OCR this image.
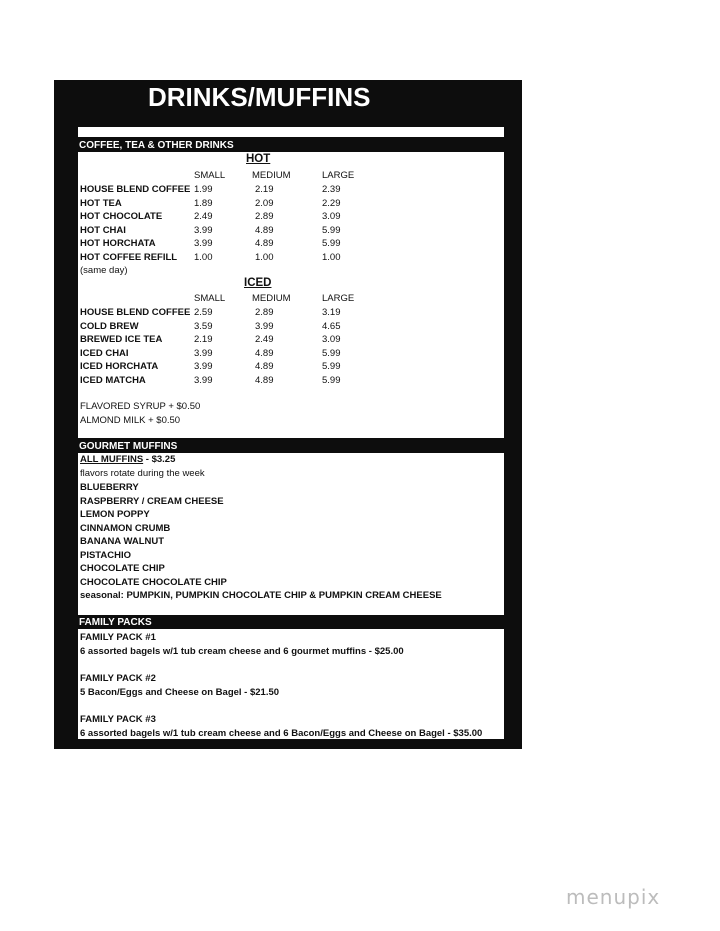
DRINKS/MUFFINS
COFFEE, TEA & OTHER DRINKS
HOT
SMALL	MEDIUM	LARGE
HOUSE BLEND COFFEE 1.99	2.19	2.39
HOT TEA	1.89	2.09	2.29
HOT CHOCOLATE	2.49	2.89	3.09
HOT CHAI	3.99	4.89	5.99
HOT HORCHATA	3.99	4.89	5.99
HOT COFFEE REFILL 1.00	1.00	1.00
(same day)
ICED
SMALL	MEDIUM	LARGE
HOUSE BLEND COFFEE 2.59	2.89	3.19
COLD BREW	3.59	3.99	4.65
BREWED ICE TEA	2.19	2.49	3.09
ICED CHAI	3.99	4.89	5.99
ICED HORCHATA	3.99	4.89	5.99
ICED MATCHA	3.99	4.89	5.99
FLAVORED SYRUP + $0.50
ALMOND MILK + $0.50
GOURMET MUFFINS
ALL MUFFINS - $3.25
flavors rotate during the week
BLUEBERRY
RASPBERRY / CREAM CHEESE
LEMON POPPY
CINNAMON CRUMB
BANANA WALNUT
PISTACHIO
CHOCOLATE CHIP
CHOCOLATE CHOCOLATE CHIP
seasonal: PUMPKIN, PUMPKIN CHOCOLATE CHIP & PUMPKIN CREAM CHEESE
FAMILY PACKS
FAMILY PACK #1
6 assorted bagels w/1 tub cream cheese and 6 gourmet muffins - $25.00
FAMILY PACK #2
5 Bacon/Eggs and Cheese on Bagel - $21.50
FAMILY PACK #3
6 assorted bagels w/1 tub cream cheese and 6 Bacon/Eggs and Cheese on Bagel - $35.00
menupix
